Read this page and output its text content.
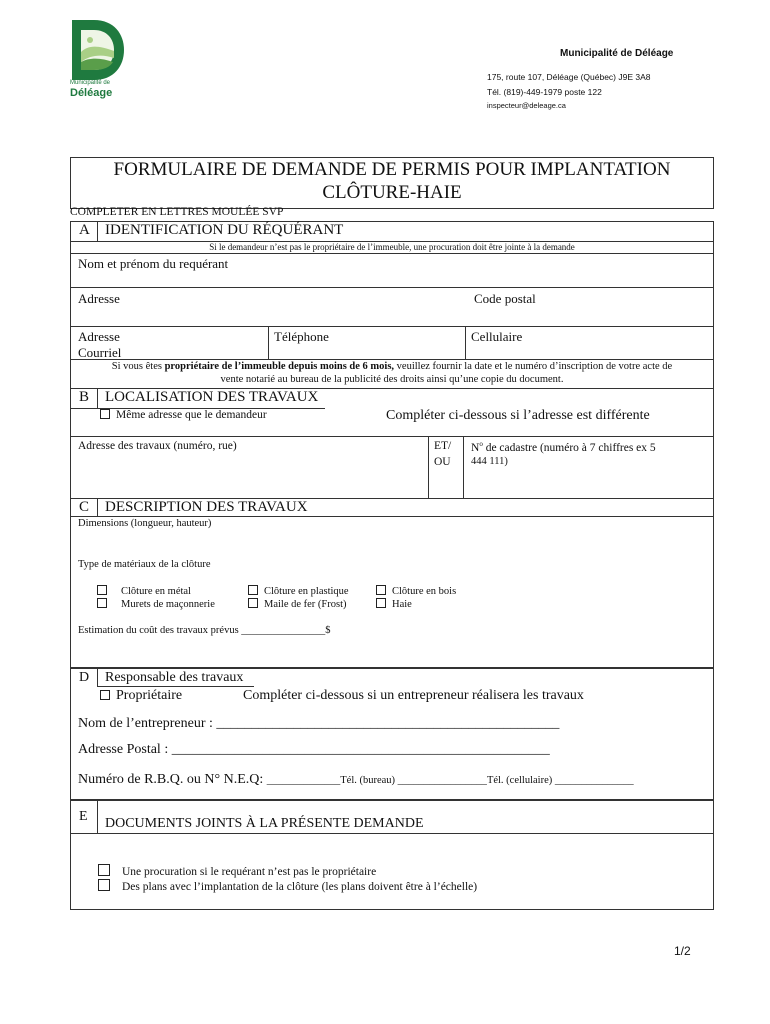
Municipalité de
Déléage
Municipalité de Déléage
175, route 107, Déléage (Québec) J9E 3A8
Tél. (819)-449-1979 poste 122
inspecteur@deleage.ca
FORMULAIRE DE DEMANDE DE PERMIS POUR IMPLANTATION
CLÔTURE-HAIE
COMPLETER EN LETTRES MOULÉE SVP
A IDENTIFICATION DU RÉQUÉRANT
Si le demandeur n’est pas le propriétaire de l’immeuble, une procuration doit être jointe à la demande
Nom et prénom du requérant
Adresse	Code postal
Adresse
Courriel
Téléphone	Cellulaire
Si vous êtes propriétaire de l’immeuble depuis moins de 6 mois, veuillez fournir la date et le numéro d’inscription de votre acte de
vente notarié au bureau de la publicité des droits ainsi qu’une copie du document.
B LOCALISATION DES TRAVAUX
Même adresse que le demandeur	Compléter ci-dessous si l’adresse est différente
Adresse des travaux (numéro, rue)	ET/
OU
$N^o$ de cadastre (numéro à 7 chiffres ex 5
444 111)
C DESCRIPTION DES TRAVAUX
Dimensions (longueur, hauteur)
Type de matériaux de la clôture
Clôture en métal	Clôture en plastique	Clôture en bois
Murets de maçonnerie	Maile de fer (Frost)	Haie
Estimation du coût des travaux prévus ________________$
D Responsable des travaux
Propriétaire	Compléter ci-dessous si un entrepreneur réalisera les travaux
Nom de l’entrepreneur : _________________________________________________
Adresse Postal : ______________________________________________________
Numéro de R.B.Q. ou N° N.E.Q: ______________Tél. (bureau) _________________Tél. (cellulaire) _______________
E DOCUMENTS JOINTS À LA PRÉSENTE DEMANDE
Une procuration si le requérant n’est pas le propriétaire
Des plans avec l’implantation de la clôture (les plans doivent être à l’échelle)
1/2
